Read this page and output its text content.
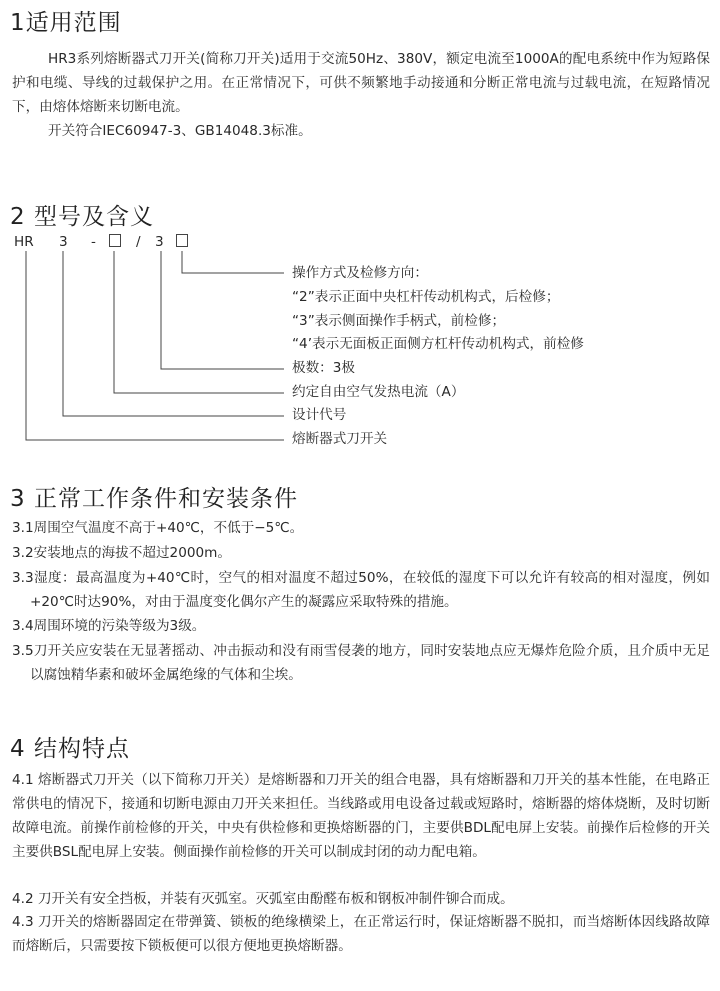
1适用范围

HR3系列熔断器式刀开关(简称刀开关)适用于交流50Hz、380V，额定电流至1000A的配电系统中作为短路保护和电缆、导线的过载保护之用。在正常情况下，可供不频繁地手动接通和分断正常电流与过载电流，在短路情况下，由熔体熔断来切断电流。

开关符合IEC60947-3、GB14048.3标准。

2 型号及含义
HR 3 -	/ 3
操作方式及检修方向：
“2”表示正面中央杠杆传动机构式，后检修；
“3”表示侧面操作手柄式，前检修；
“4’表示无面板正面侧方杠杆传动机构式，前检修
极数：3极
约定自由空气发热电流（A）
设计代号
熔断器式刀开关
3 正常工作条件和安装条件

3.1周围空气温度不高于+40℃，不低于−5℃。

3.2安装地点的海拔不超过2000m。

3.3湿度：最高温度为+40℃时，空气的相对温度不超过50%，在较低的湿度下可以允许有较高的相对湿度，例如+20℃时达90%，对由于温度变化偶尔产生的凝露应采取特殊的措施。

3.4周围环境的污染等级为3级。

3.5刀开关应安装在无显著摇动、冲击振动和没有雨雪侵袭的地方，同时安装地点应无爆炸危险介质，且介质中无足以腐蚀精华素和破坏金属绝缘的气体和尘埃。

4 结构特点

4.1 熔断器式刀开关（以下简称刀开关）是熔断器和刀开关的组合电器，具有熔断器和刀开关的基本性能，在电路正常供电的情况下，接通和切断电源由刀开关来担任。当线路或用电设备过载或短路时，熔断器的熔体烧断，及时切断故障电流。前操作前检修的开关，中央有供检修和更换熔断器的门，主要供BDL配电屏上安装。前操作后检修的开关主要供BSL配电屏上安装。侧面操作前检修的开关可以制成封闭的动力配电箱。

4.2 刀开关有安全挡板，并装有灭弧室。灭弧室由酚醛布板和钢板冲制件铆合而成。

4.3 刀开关的熔断器固定在带弹簧、锁板的绝缘横梁上，在正常运行时，保证熔断器不脱扣，而当熔断体因线路故障而熔断后，只需要按下锁板便可以很方便地更换熔断器。
